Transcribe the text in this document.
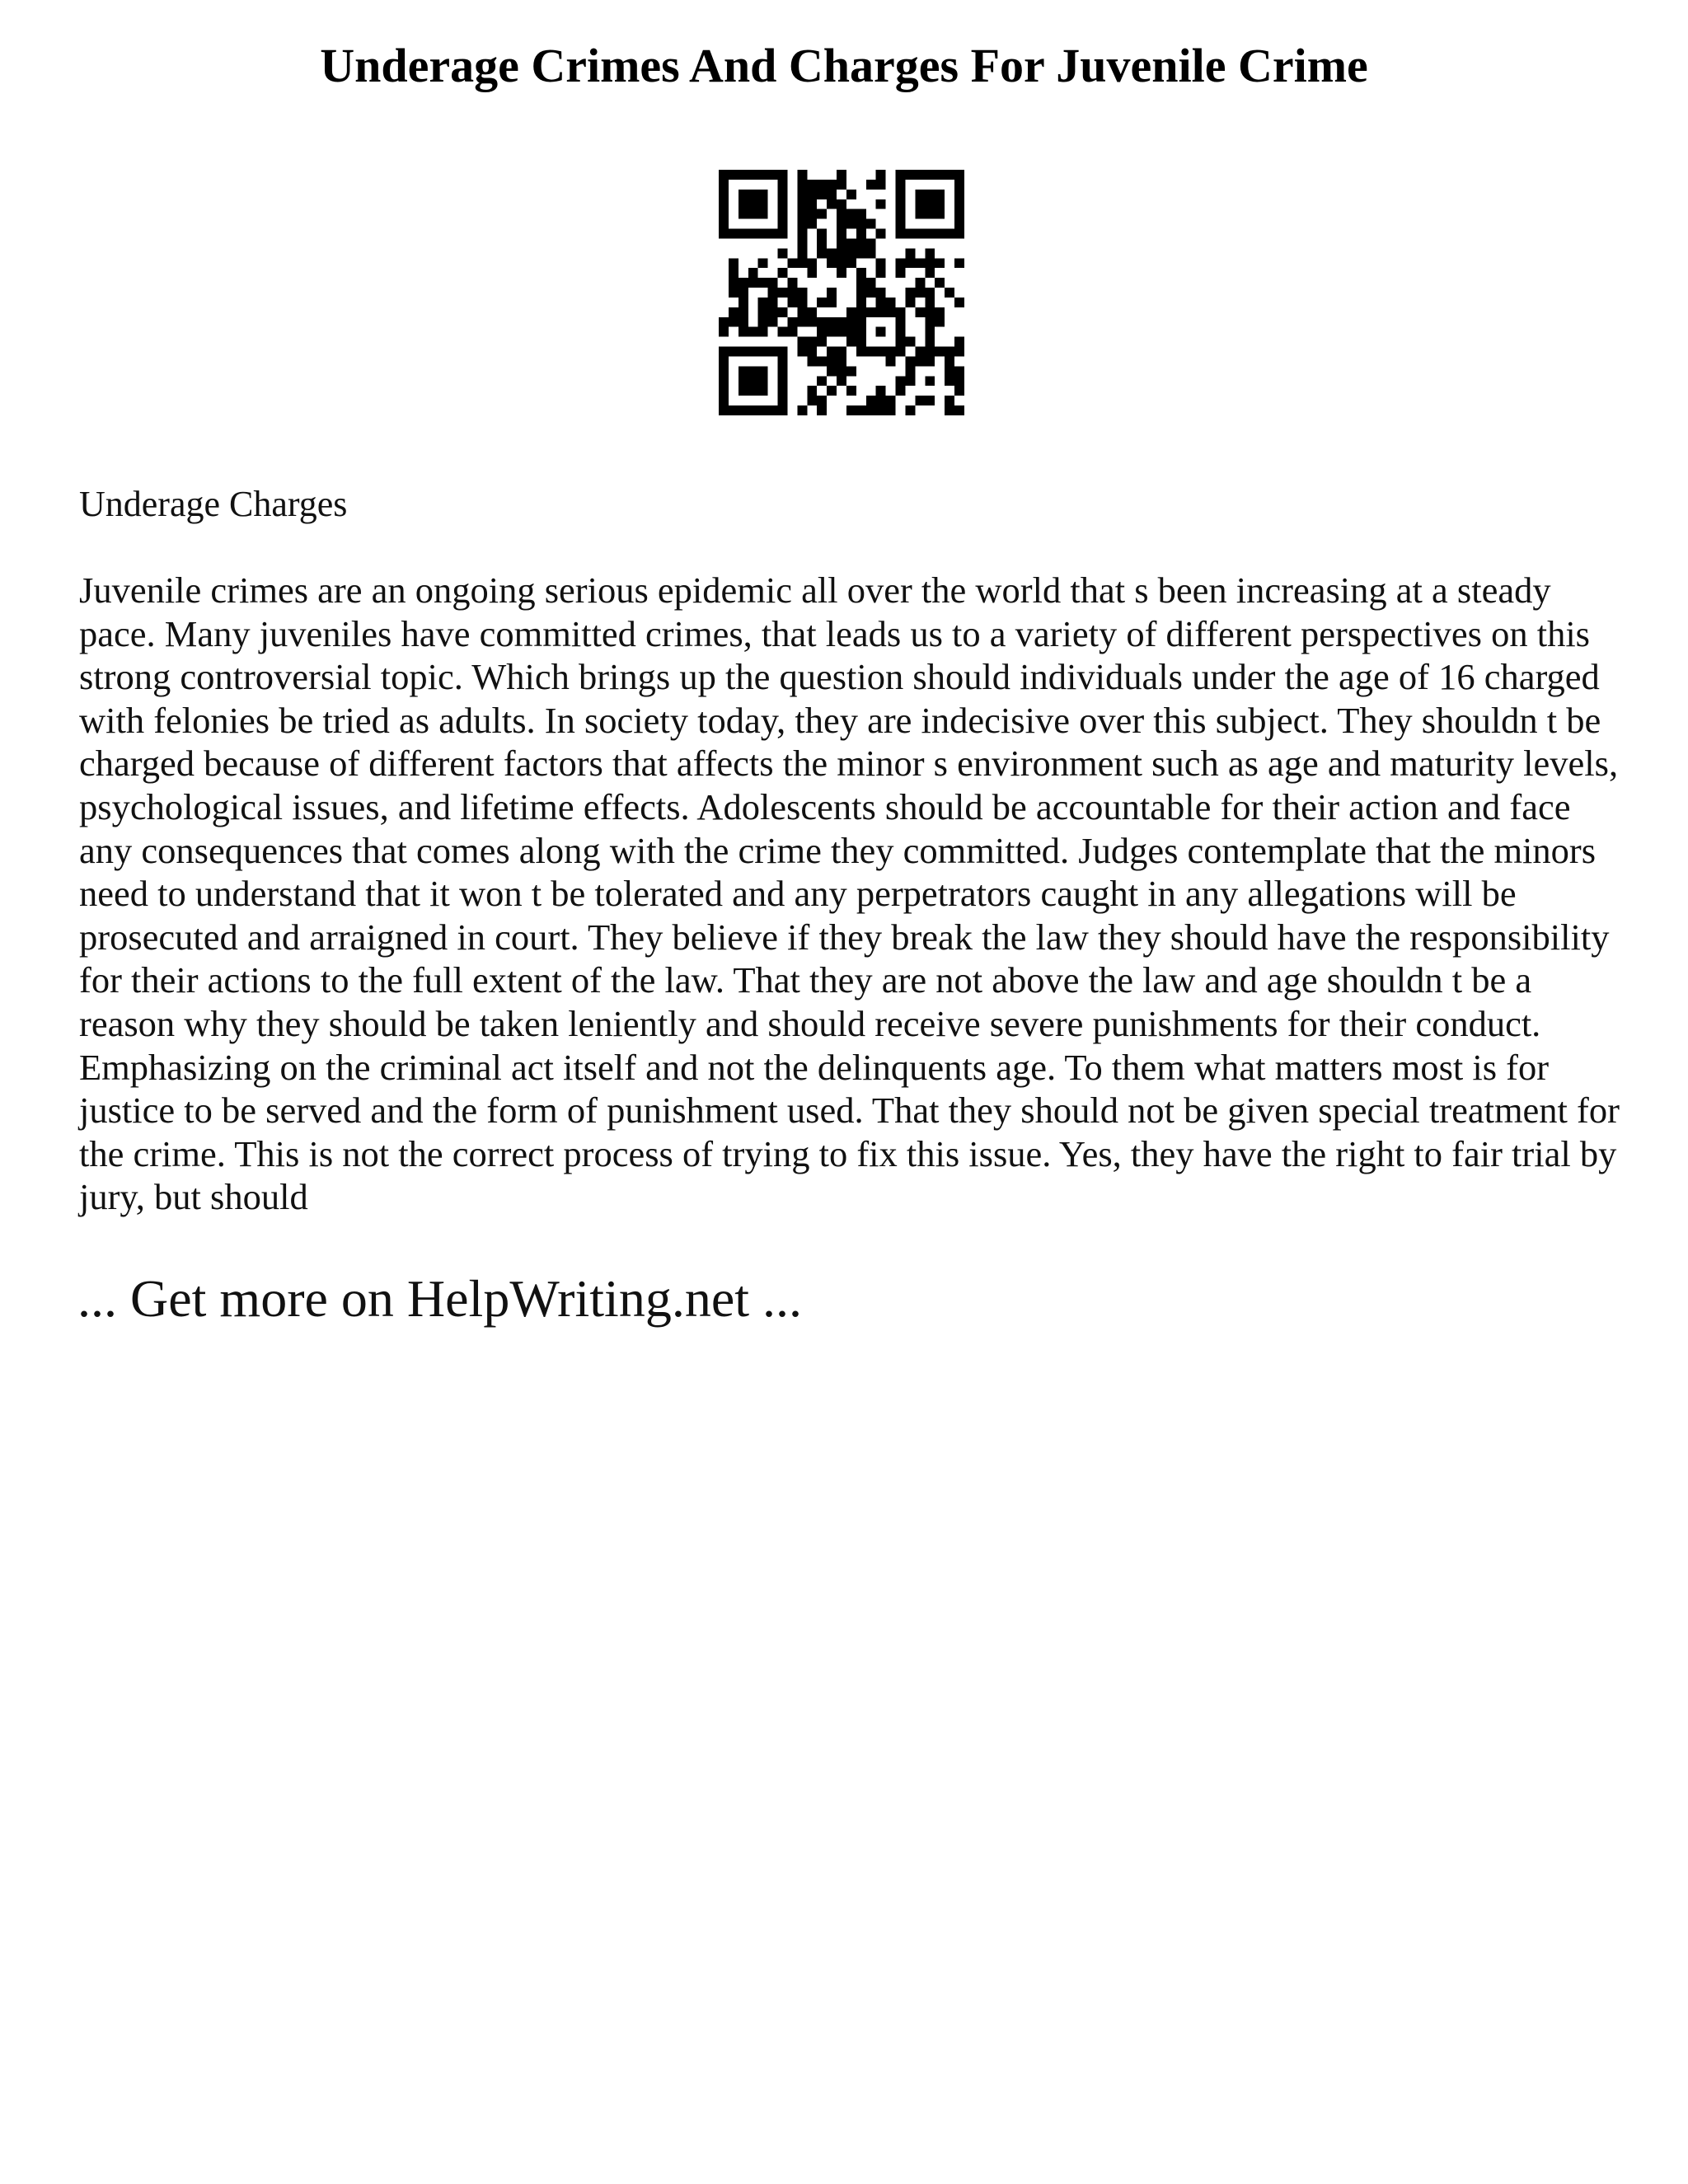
Underage Crimes And Charges For Juvenile Crime
Underage Charges

Juvenile crimes are an ongoing serious epidemic all over the world that s been increasing at a steady pace. Many juveniles have committed crimes, that leads us to a variety of different perspectives on this strong controversial topic. Which brings up the question should individuals under the age of 16 charged with felonies be tried as adults. In society today, they are indecisive over this subject. They shouldn t be charged because of different factors that affects the minor s environment such as age and maturity levels, psychological issues, and lifetime effects. Adolescents should be accountable for their action and face any consequences that comes along with the crime they committed. Judges contemplate that the minors need to understand that it won t be tolerated and any perpetrators caught in any allegations will be prosecuted and arraigned in court. They believe if they break the law they should have the responsibility for their actions to the full extent of the law. That they are not above the law and age shouldn t be a reason why they should be taken leniently and should receive severe punishments for their conduct. Emphasizing on the criminal act itself and not the delinquents age. To them what matters most is for justice to be served and the form of punishment used. That they should not be given special treatment for the crime. This is not the correct process of trying to fix this issue. Yes, they have the right to fair trial by jury, but should

... Get more on HelpWriting.net ...
